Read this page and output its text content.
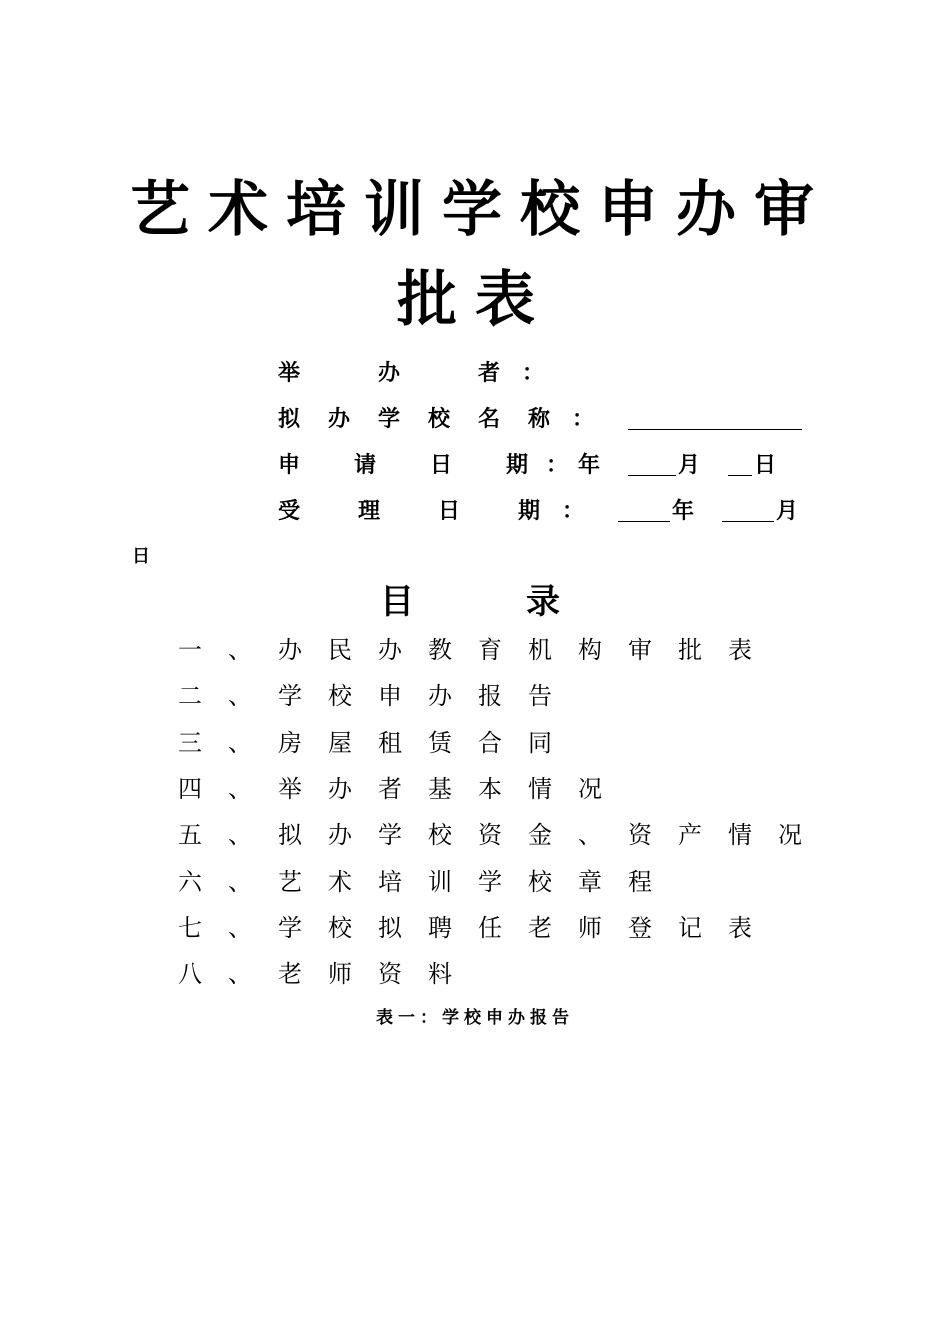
艺术培训学校申办审
批表
举	办	者 ：
拟 办 学 校 名 称 ：
申 请 日 期 ： 年	月 日
受	理	日	期 ：	年	月
日
目	录
一 、 办 民 办 教 育 机 构 审 批 表
二 、 学 校 申 办 报 告
三 、 房 屋 租 赁 合 同
四 、 举 办 者 基 本 情 况
五 、 拟 办 学 校 资 金 、 资 产 情 况
六 、 艺 术 培 训 学 校 章 程
七 、 学 校 拟 聘 任 老 师 登 记 表
八 、 老 师 资 料
表一：学校申办报告
